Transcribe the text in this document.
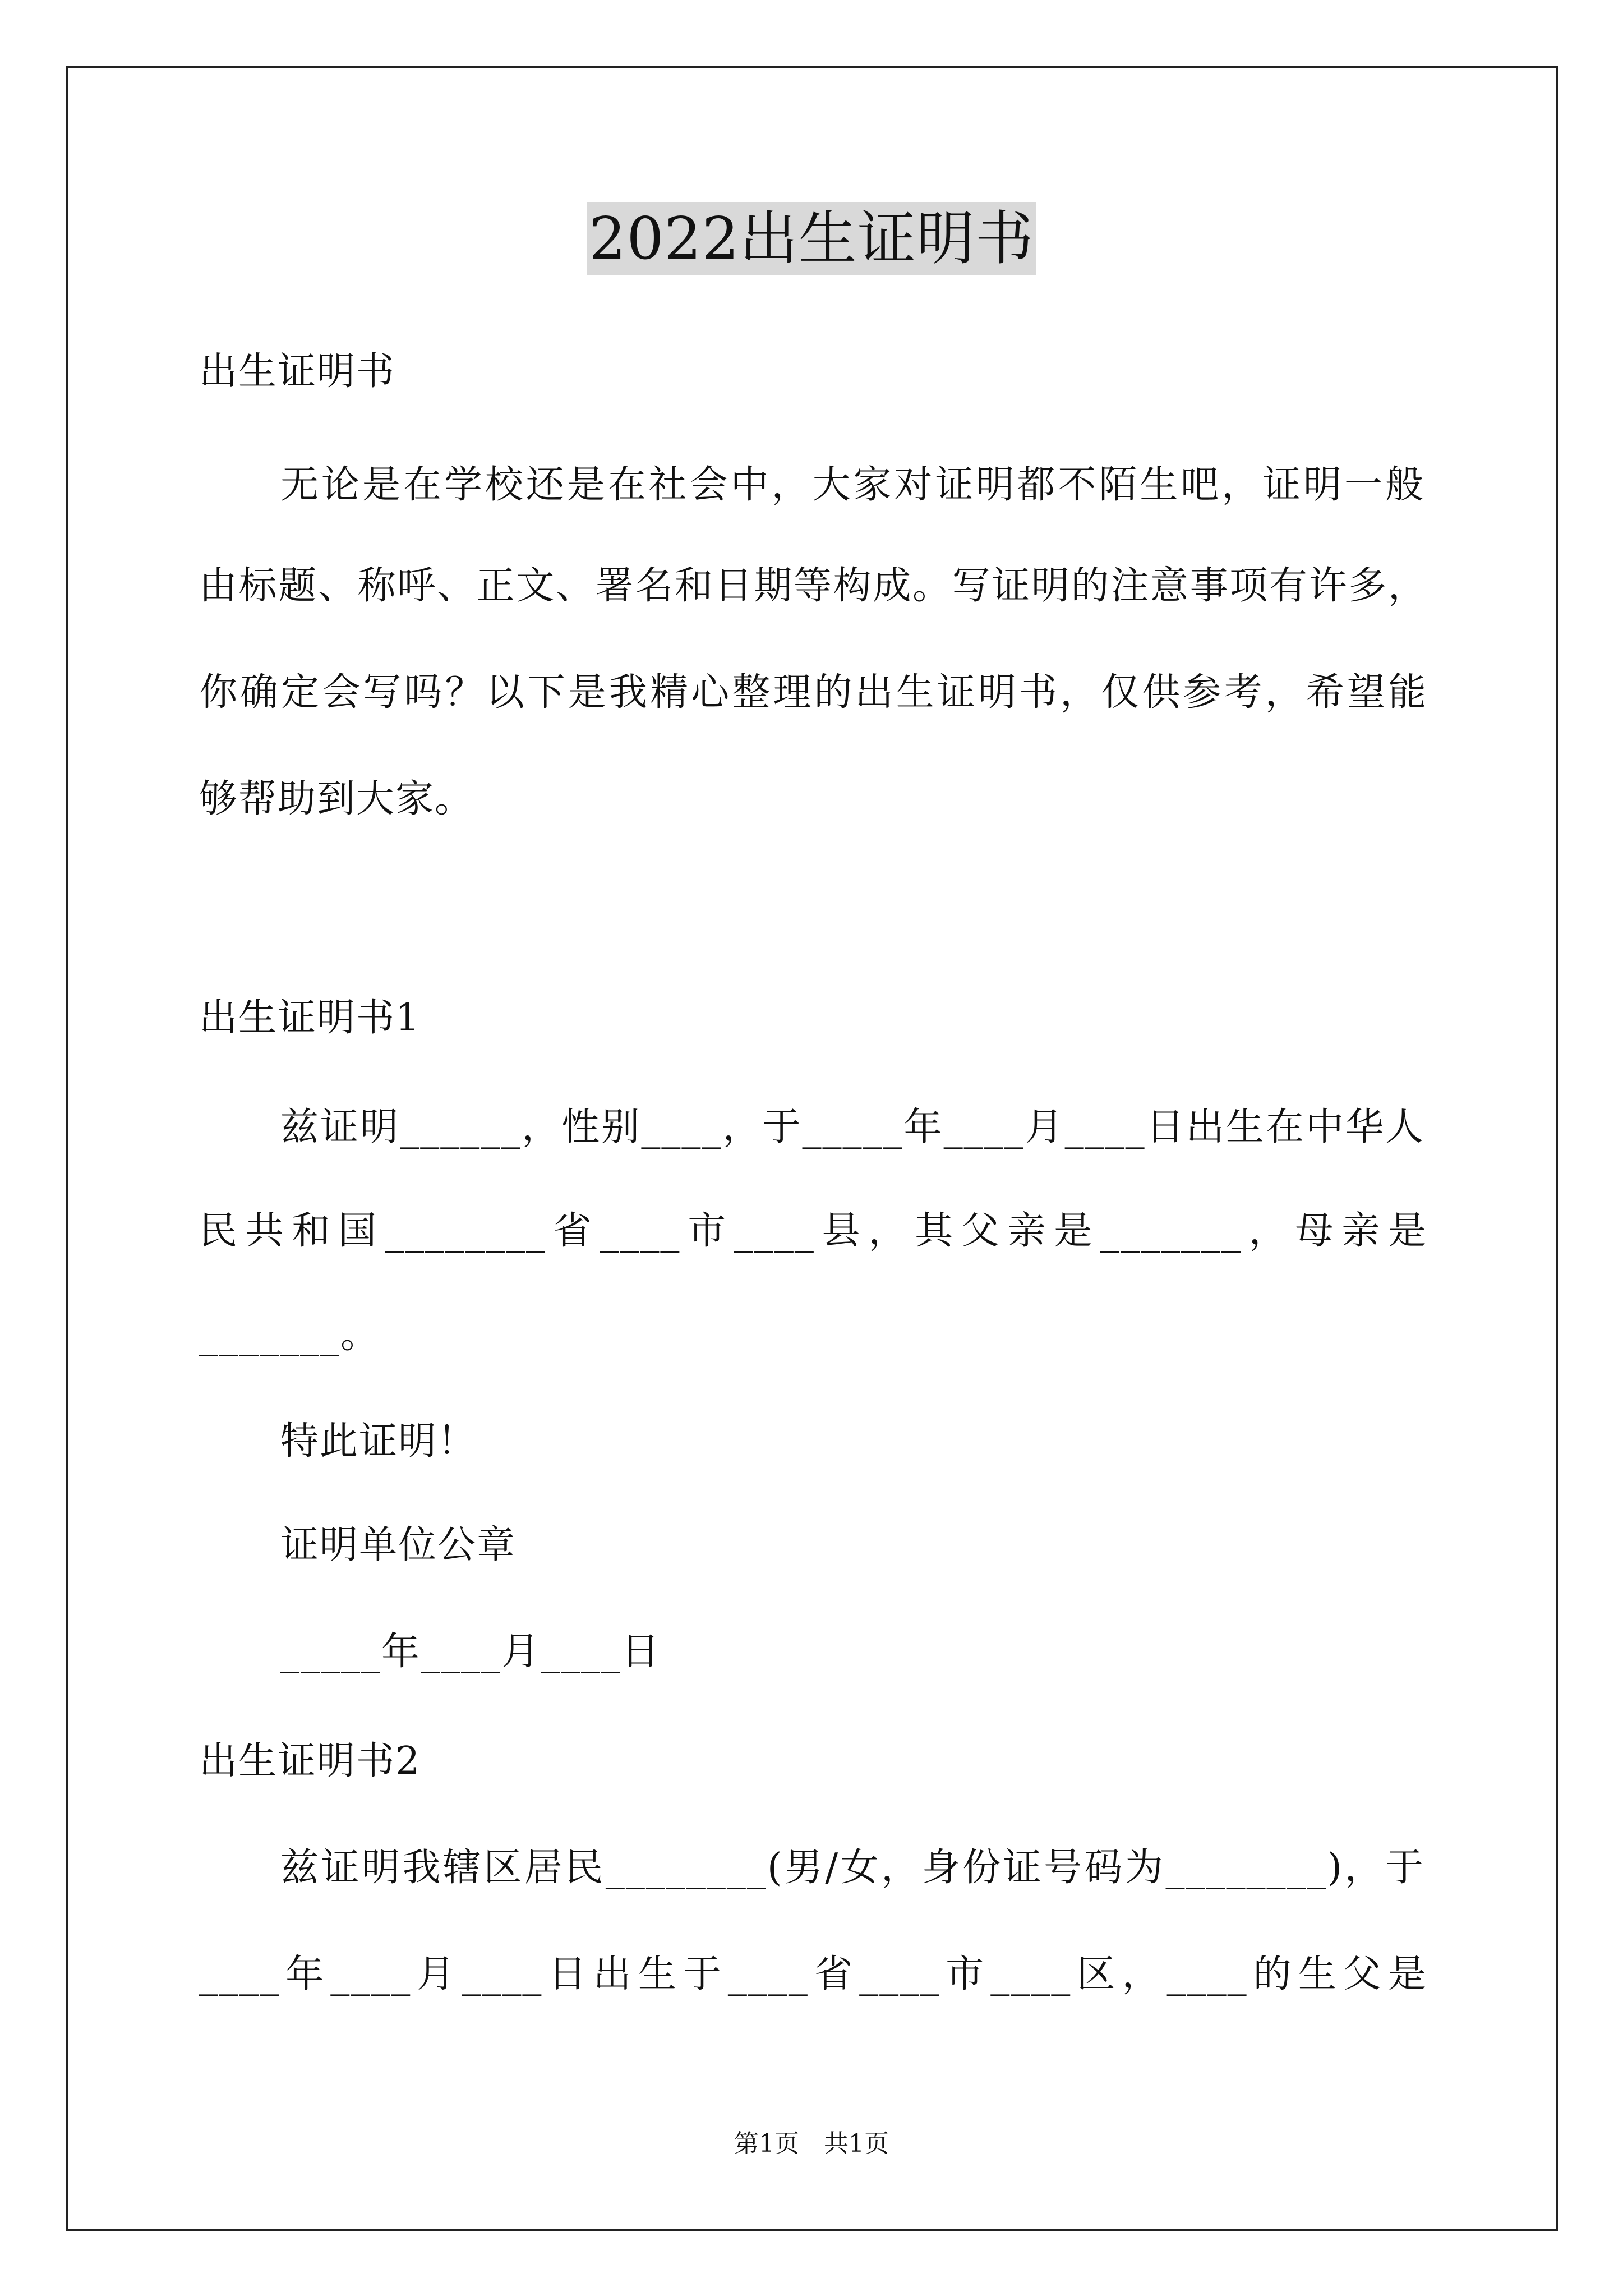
2022出生证明书
出生证明书
无论是在学校还是在社会中，大家对证明都不陌生吧，证明一般
由标题、称呼、正文、署名和日期等构成。写证明的注意事项有许多，
你确定会写吗？以下是我精心整理的出生证明书，仅供参考，希望能
够帮助到大家。
出生证明书1
兹证明______，性别____，于_____年____月____日出生在中华人
民共和国________省____市____县，其父亲是_______，母亲是
_______。
特此证明！
证明单位公章
_____年____月____日
出生证明书2
兹证明我辖区居民________(男/女，身份证号码为________)，于
____年____月____日出生于____省____市____区，____的生父是
第1页　共1页
